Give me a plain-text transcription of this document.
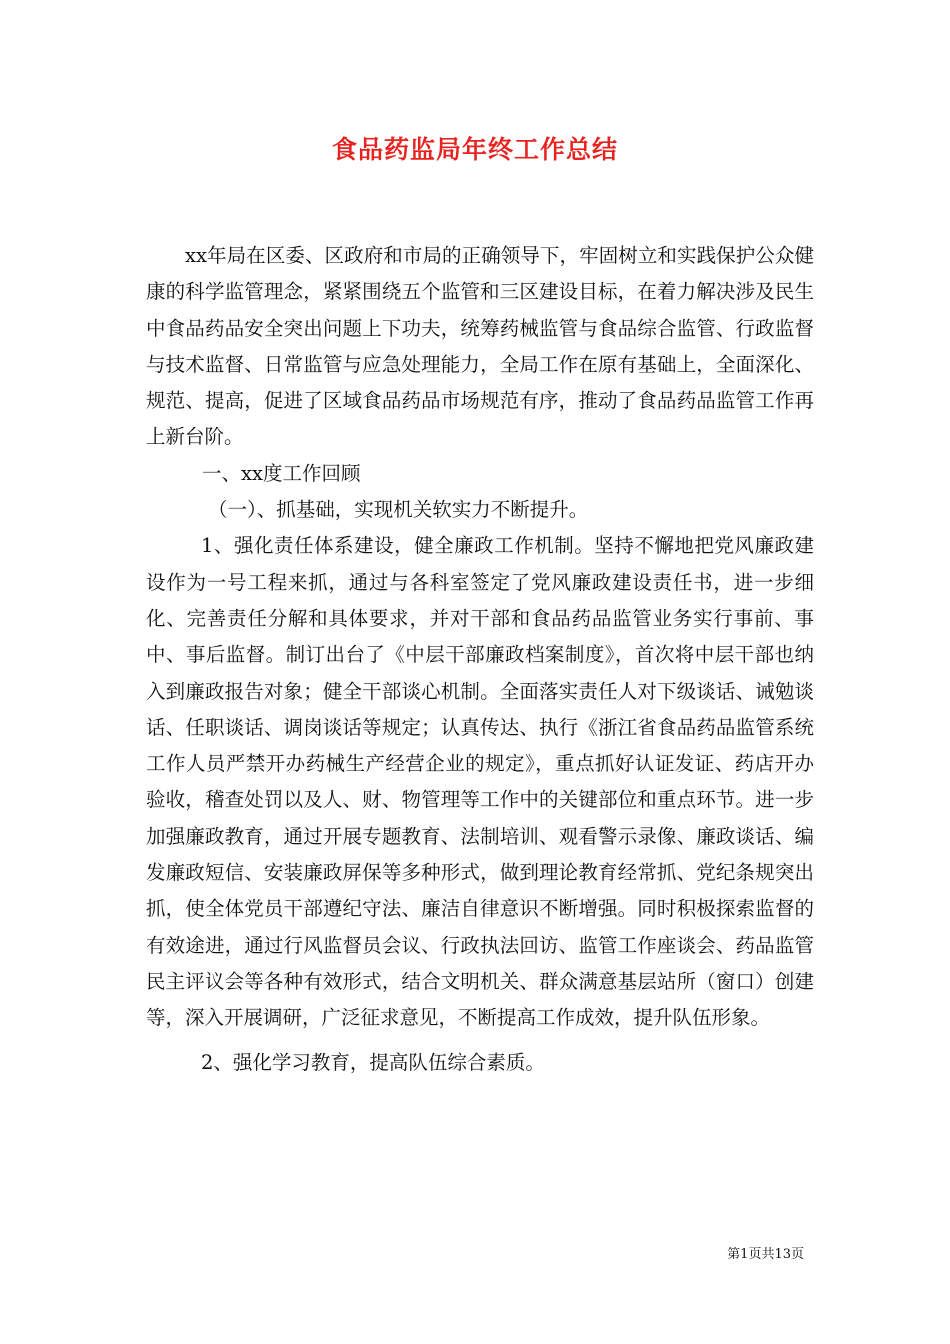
食品药监局年终工作总结

xx年局在区委、区政府和市局的正确领导下，牢固树立和实践保护公众健康的科学监管理念，紧紧围绕五个监管和三区建设目标，在着力解决涉及民生中食品药品安全突出问题上下功夫，统筹药械监管与食品综合监管、行政监督与技术监督、日常监管与应急处理能力，全局工作在原有基础上，全面深化、规范、提高，促进了区域食品药品市场规范有序，推动了食品药品监管工作再上新台阶。

一、xx度工作回顾

（一）、抓基础，实现机关软实力不断提升。

1、强化责任体系建设，健全廉政工作机制。坚持不懈地把党风廉政建设作为一号工程来抓，通过与各科室签定了党风廉政建设责任书，进一步细化、完善责任分解和具体要求，并对干部和食品药品监管业务实行事前、事中、事后监督。制订出台了《中层干部廉政档案制度》，首次将中层干部也纳入到廉政报告对象；健全干部谈心机制。全面落实责任人对下级谈话、诫勉谈话、任职谈话、调岗谈话等规定；认真传达、执行《浙江省食品药品监管系统工作人员严禁开办药械生产经营企业的规定》，重点抓好认证发证、药店开办验收，稽查处罚以及人、财、物管理等工作中的关键部位和重点环节。进一步加强廉政教育，通过开展专题教育、法制培训、观看警示录像、廉政谈话、编发廉政短信、安装廉政屏保等多种形式，做到理论教育经常抓、党纪条规突出抓，使全体党员干部遵纪守法、廉洁自律意识不断增强。同时积极探索监督的有效途进，通过行风监督员会议、行政执法回访、监管工作座谈会、药品监管民主评议会等各种有效形式，结合文明机关、群众满意基层站所（窗口）创建等，深入开展调研，广泛征求意见，不断提高工作成效，提升队伍形象。

2、强化学习教育，提高队伍综合素质。

第1页共13页
